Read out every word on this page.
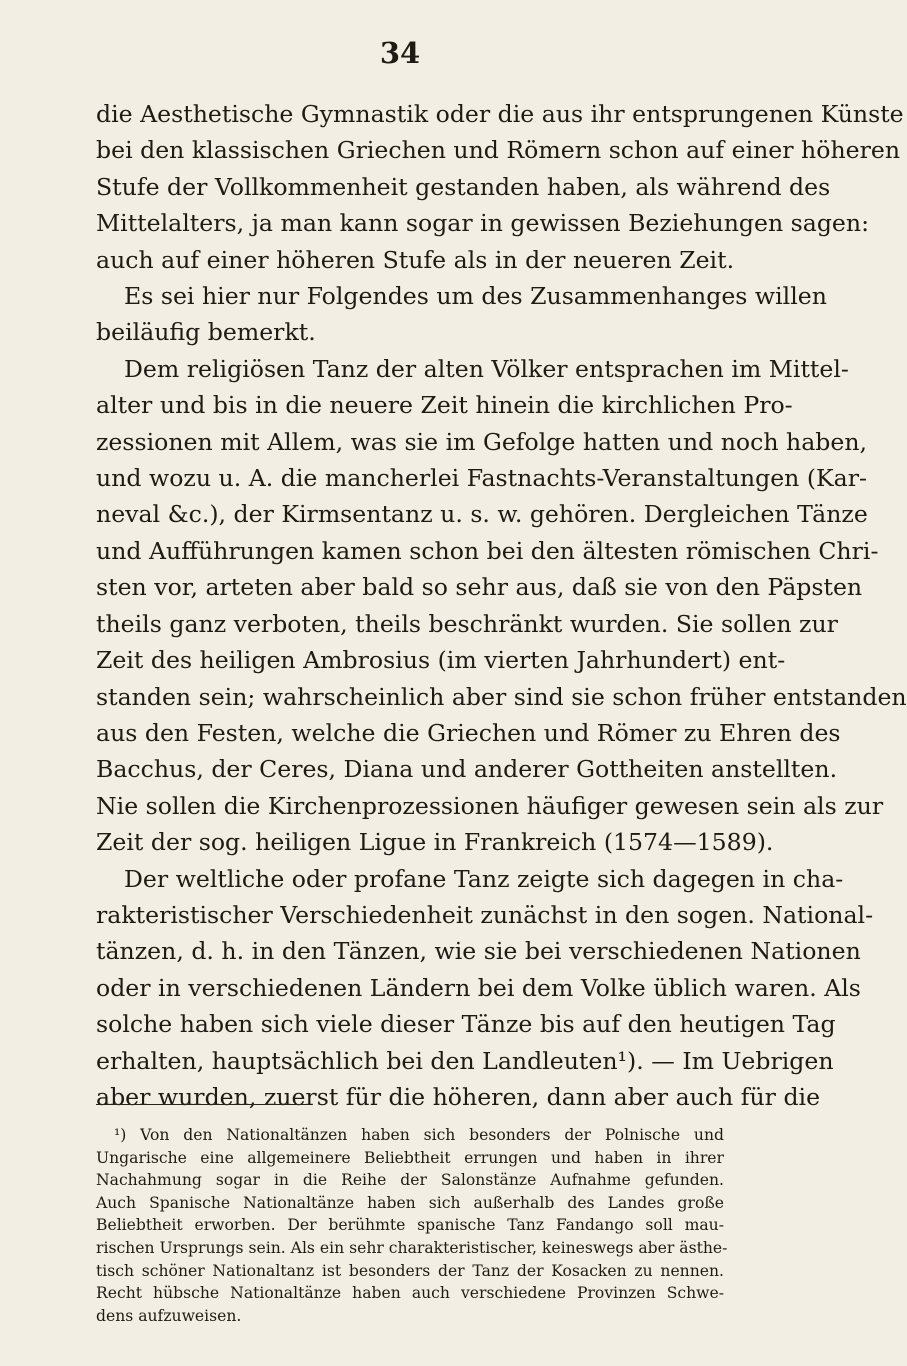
34
die Aesthetische Gymnastik oder die aus ihr entsprungenen Künste
bei den klassischen Griechen und Römern schon auf einer höheren
Stufe der Vollkommenheit gestanden haben, als während des
Mittelalters, ja man kann sogar in gewissen Beziehungen sagen:
auch auf einer höheren Stufe als in der neueren Zeit.
Es sei hier nur Folgendes um des Zusammenhanges willen
beiläufig bemerkt.
Dem religiösen Tanz der alten Völker entsprachen im Mittel-
alter und bis in die neuere Zeit hinein die kirchlichen Pro-
zessionen mit Allem, was sie im Gefolge hatten und noch haben,
und wozu u. A. die mancherlei Fastnachts-Veranstaltungen (Kar-
neval &c.), der Kirmsentanz u. s. w. gehören. Dergleichen Tänze
und Aufführungen kamen schon bei den ältesten römischen Chri-
sten vor, arteten aber bald so sehr aus, daß sie von den Päpsten
theils ganz verboten, theils beschränkt wurden. Sie sollen zur
Zeit des heiligen Ambrosius (im vierten Jahrhundert) ent-
standen sein; wahrscheinlich aber sind sie schon früher entstanden
aus den Festen, welche die Griechen und Römer zu Ehren des
Bacchus, der Ceres, Diana und anderer Gottheiten anstellten.
Nie sollen die Kirchenprozessionen häufiger gewesen sein als zur
Zeit der sog. heiligen Ligue in Frankreich (1574—1589).
Der weltliche oder profane Tanz zeigte sich dagegen in cha-
rakteristischer Verschiedenheit zunächst in den sogen. National-
tänzen, d. h. in den Tänzen, wie sie bei verschiedenen Nationen
oder in verschiedenen Ländern bei dem Volke üblich waren. Als
solche haben sich viele dieser Tänze bis auf den heutigen Tag
erhalten, hauptsächlich bei den Landleuten¹). — Im Uebrigen
aber wurden, zuerst für die höheren, dann aber auch für die
¹) Von den Nationaltänzen haben sich besonders der Polnische und
Ungarische eine allgemeinere Beliebtheit errungen und haben in ihrer
Nachahmung sogar in die Reihe der Salonstänze Aufnahme gefunden.
Auch Spanische Nationaltänze haben sich außerhalb des Landes große
Beliebtheit erworben. Der berühmte spanische Tanz Fandango soll mau-
rischen Ursprungs sein. Als ein sehr charakteristischer, keineswegs aber ästhe-
tisch schöner Nationaltanz ist besonders der Tanz der Kosacken zu nennen.
Recht hübsche Nationaltänze haben auch verschiedene Provinzen Schwe-
dens aufzuweisen.
